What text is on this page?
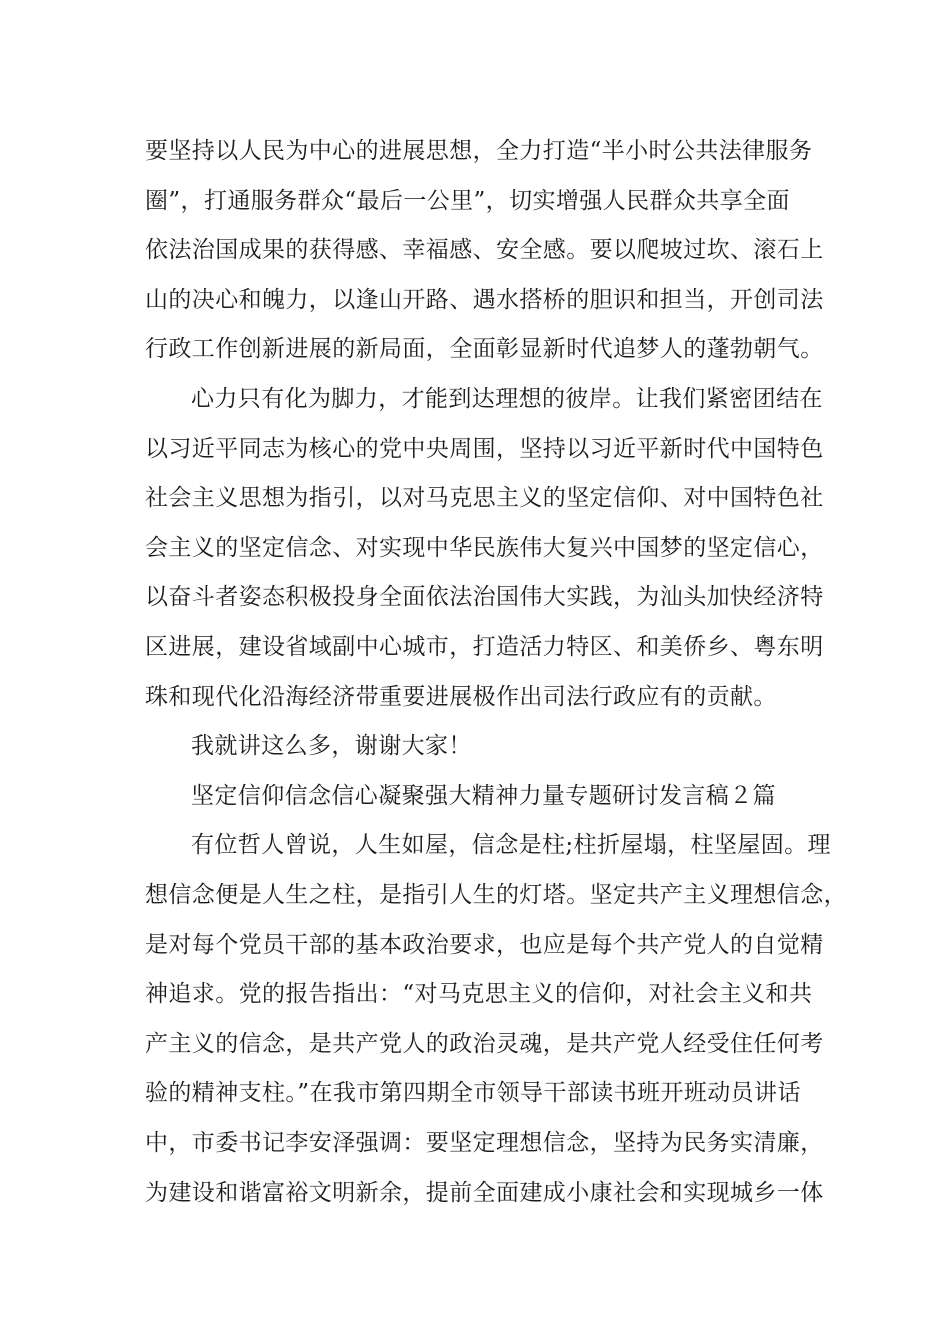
要坚持以人民为中心的进展思想，全力打造“半小时公共法律服务
圈”，打通服务群众“最后一公里”，切实增强人民群众共享全面
依法治国成果的获得感、幸福感、安全感。要以爬坡过坎、滚石上
山的决心和魄力，以逢山开路、遇水搭桥的胆识和担当，开创司法
行政工作创新进展的新局面，全面彰显新时代追梦人的蓬勃朝气。
心力只有化为脚力，才能到达理想的彼岸。让我们紧密团结在
以习近平同志为核心的党中央周围，坚持以习近平新时代中国特色
社会主义思想为指引，以对马克思主义的坚定信仰、对中国特色社
会主义的坚定信念、对实现中华民族伟大复兴中国梦的坚定信心，
以奋斗者姿态积极投身全面依法治国伟大实践，为汕头加快经济特
区进展，建设省域副中心城市，打造活力特区、和美侨乡、粤东明
珠和现代化沿海经济带重要进展极作出司法行政应有的贡献。
我就讲这么多，谢谢大家！
坚定信仰信念信心凝聚强大精神力量专题研讨发言稿２篇
有位哲人曾说，人生如屋，信念是柱;柱折屋塌，柱坚屋固。理
想信念便是人生之柱，是指引人生的灯塔。坚定共产主义理想信念，
是对每个党员干部的基本政治要求，也应是每个共产党人的自觉精
神追求。党的报告指出：“对马克思主义的信仰，对社会主义和共
产主义的信念，是共产党人的政治灵魂，是共产党人经受住任何考
验的精神支柱。”在我市第四期全市领导干部读书班开班动员讲话
中，市委书记李安泽强调：要坚定理想信念，坚持为民务实清廉，
为建设和谐富裕文明新余，提前全面建成小康社会和实现城乡一体
